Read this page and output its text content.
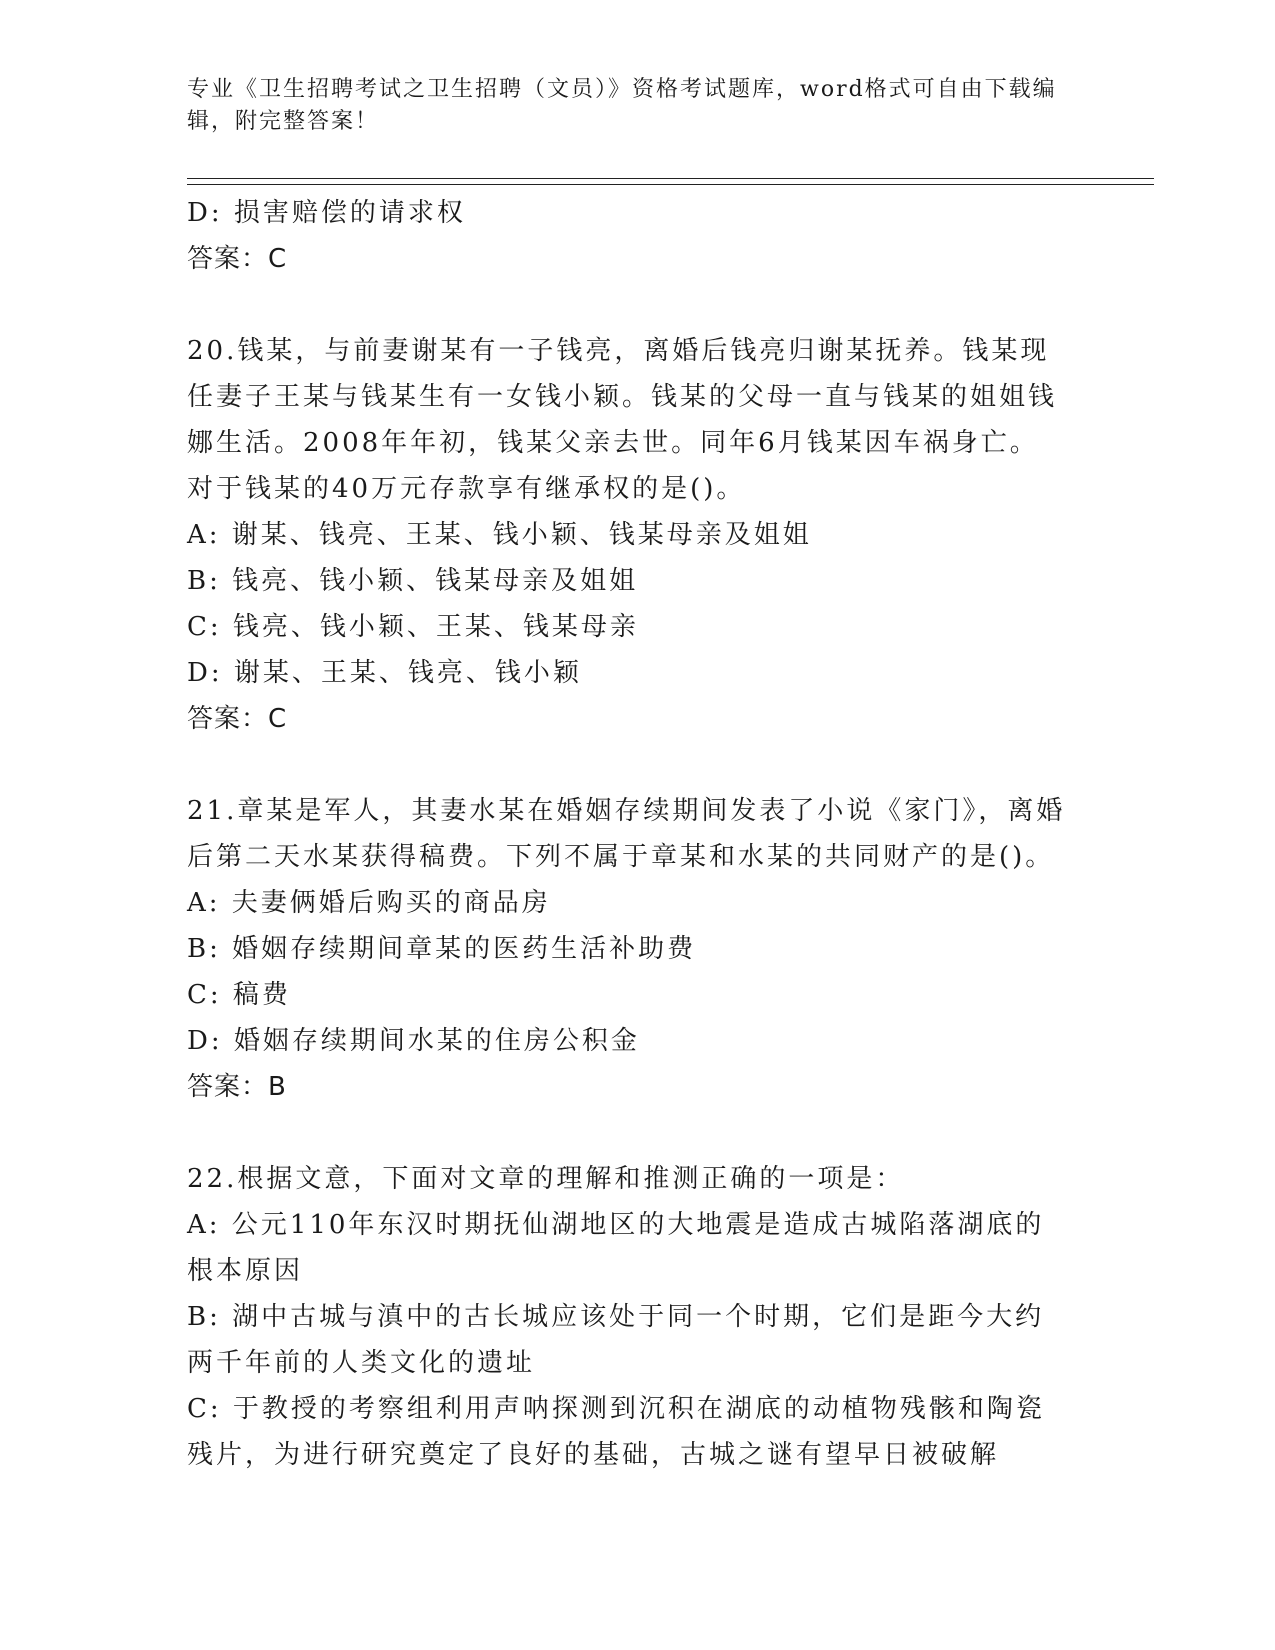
专业《卫生招聘考试之卫生招聘（文员）》资格考试题库，word格式可自由下载编辑，附完整答案！

D: 损害赔偿的请求权

答案：C

20.钱某，与前妻谢某有一子钱亮，离婚后钱亮归谢某抚养。钱某现任妻子王某与钱某生有一女钱小颖。钱某的父母一直与钱某的姐姐钱娜生活。2008年年初，钱某父亲去世。同年6月钱某因车祸身亡。对于钱某的40万元存款享有继承权的是()。

A: 谢某、钱亮、王某、钱小颖、钱某母亲及姐姐

B: 钱亮、钱小颖、钱某母亲及姐姐

C: 钱亮、钱小颖、王某、钱某母亲

D: 谢某、王某、钱亮、钱小颖

答案：C

21.章某是军人，其妻水某在婚姻存续期间发表了小说《家门》，离婚后第二天水某获得稿费。下列不属于章某和水某的共同财产的是()。

A: 夫妻俩婚后购买的商品房

B: 婚姻存续期间章某的医药生活补助费

C: 稿费

D: 婚姻存续期间水某的住房公积金

答案：B

22.根据文意，下面对文章的理解和推测正确的一项是：

A: 公元110年东汉时期抚仙湖地区的大地震是造成古城陷落湖底的根本原因

B: 湖中古城与滇中的古长城应该处于同一个时期，它们是距今大约两千年前的人类文化的遗址

C: 于教授的考察组利用声呐探测到沉积在湖底的动植物残骸和陶瓷残片，为进行研究奠定了良好的基础，古城之谜有望早日被破解
